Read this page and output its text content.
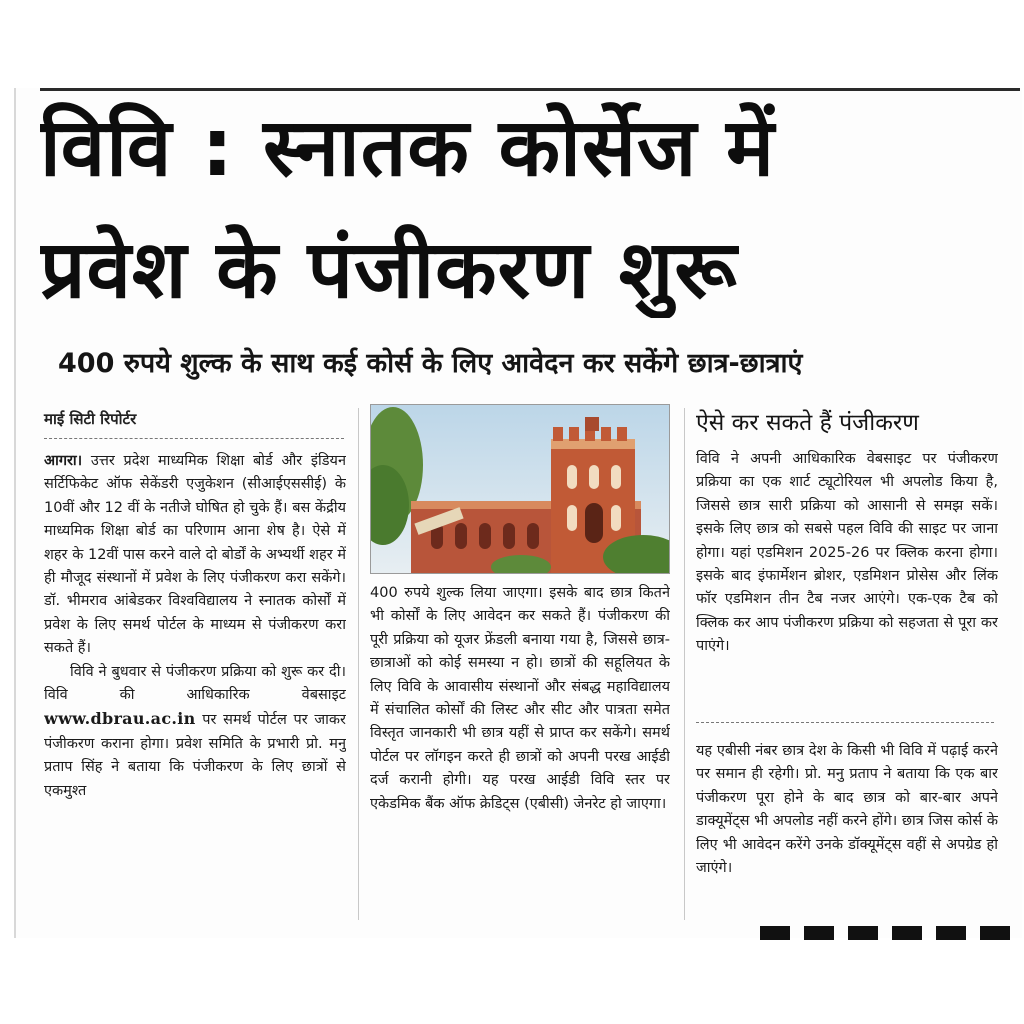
विवि : स्नातक कोर्सेज में
प्रवेश के पंजीकरण शुरू
400 रुपये शुल्क के साथ कई कोर्स के लिए आवेदन कर सकेंगे छात्र-छात्राएं
माई सिटी रिपोर्टर

आगरा। उत्तर प्रदेश माध्यमिक शिक्षा बोर्ड और इंडियन सर्टिफिकेट ऑफ सेकेंडरी एजुकेशन (सीआईएससीई) के 10वीं और 12 वीं के नतीजे घोषित हो चुके हैं। बस केंद्रीय माध्यमिक शिक्षा बोर्ड का परिणाम आना शेष है। ऐसे में शहर के 12वीं पास करने वाले दो बोर्डों के अभ्यर्थी शहर में ही मौजूद संस्थानों में प्रवेश के लिए पंजीकरण करा सकेंगे। डॉ. भीमराव आंबेडकर विश्वविद्यालय ने स्नातक कोर्सों में प्रवेश के लिए समर्थ पोर्टल के माध्यम से पंजीकरण करा सकते हैं।

विवि ने बुधवार से पंजीकरण प्रक्रिया को शुरू कर दी। विवि की आधिकारिक वेबसाइट www.dbrau.ac.in पर समर्थ पोर्टल पर जाकर पंजीकरण कराना होगा। प्रवेश समिति के प्रभारी प्रो. मनु प्रताप सिंह ने बताया कि पंजीकरण के लिए छात्रों से एकमुश्त

400 रुपये शुल्क लिया जाएगा। इसके बाद छात्र कितने भी कोर्सों के लिए आवेदन कर सकते हैं। पंजीकरण की पूरी प्रक्रिया को यूजर फ्रेंडली बनाया गया है, जिससे छात्र-छात्राओं को कोई समस्या न हो। छात्रों की सहूलियत के लिए विवि के आवासीय संस्थानों और संबद्ध महाविद्यालय में संचालित कोर्सों की लिस्ट और सीट और पात्रता समेत विस्तृत जानकारी भी छात्र यहीं से प्राप्त कर सकेंगे। समर्थ पोर्टल पर लॉगइन करते ही छात्रों को अपनी परख आईडी दर्ज करानी होगी। यह परख आईडी विवि स्तर पर एकेडमिक बैंक ऑफ क्रेडिट्स (एबीसी) जेनरेट हो जाएगा।

ऐसे कर सकते हैं पंजीकरण

विवि ने अपनी आधिकारिक वेबसाइट पर पंजीकरण प्रक्रिया का एक शार्ट ट्यूटोरियल भी अपलोड किया है, जिससे छात्र सारी प्रक्रिया को आसानी से समझ सकें। इसके लिए छात्र को सबसे पहल विवि की साइट पर जाना होगा। यहां एडमिशन 2025-26 पर क्लिक करना होगा। इसके बाद इंफार्मेशन ब्रोशर, एडमिशन प्रोसेस और लिंक फॉर एडमिशन तीन टैब नजर आएंगे। एक-एक टैब को क्लिक कर आप पंजीकरण प्रक्रिया को सहजता से पूरा कर पाएंगे।

यह एबीसी नंबर छात्र देश के किसी भी विवि में पढ़ाई करने पर समान ही रहेगी। प्रो. मनु प्रताप ने बताया कि एक बार पंजीकरण पूरा होने के बाद छात्र को बार-बार अपने डाक्यूमेंट्स भी अपलोड नहीं करने होंगे। छात्र जिस कोर्स के लिए भी आवेदन करेंगे उनके डॉक्यूमेंट्स वहीं से अपग्रेड हो जाएंगे।
